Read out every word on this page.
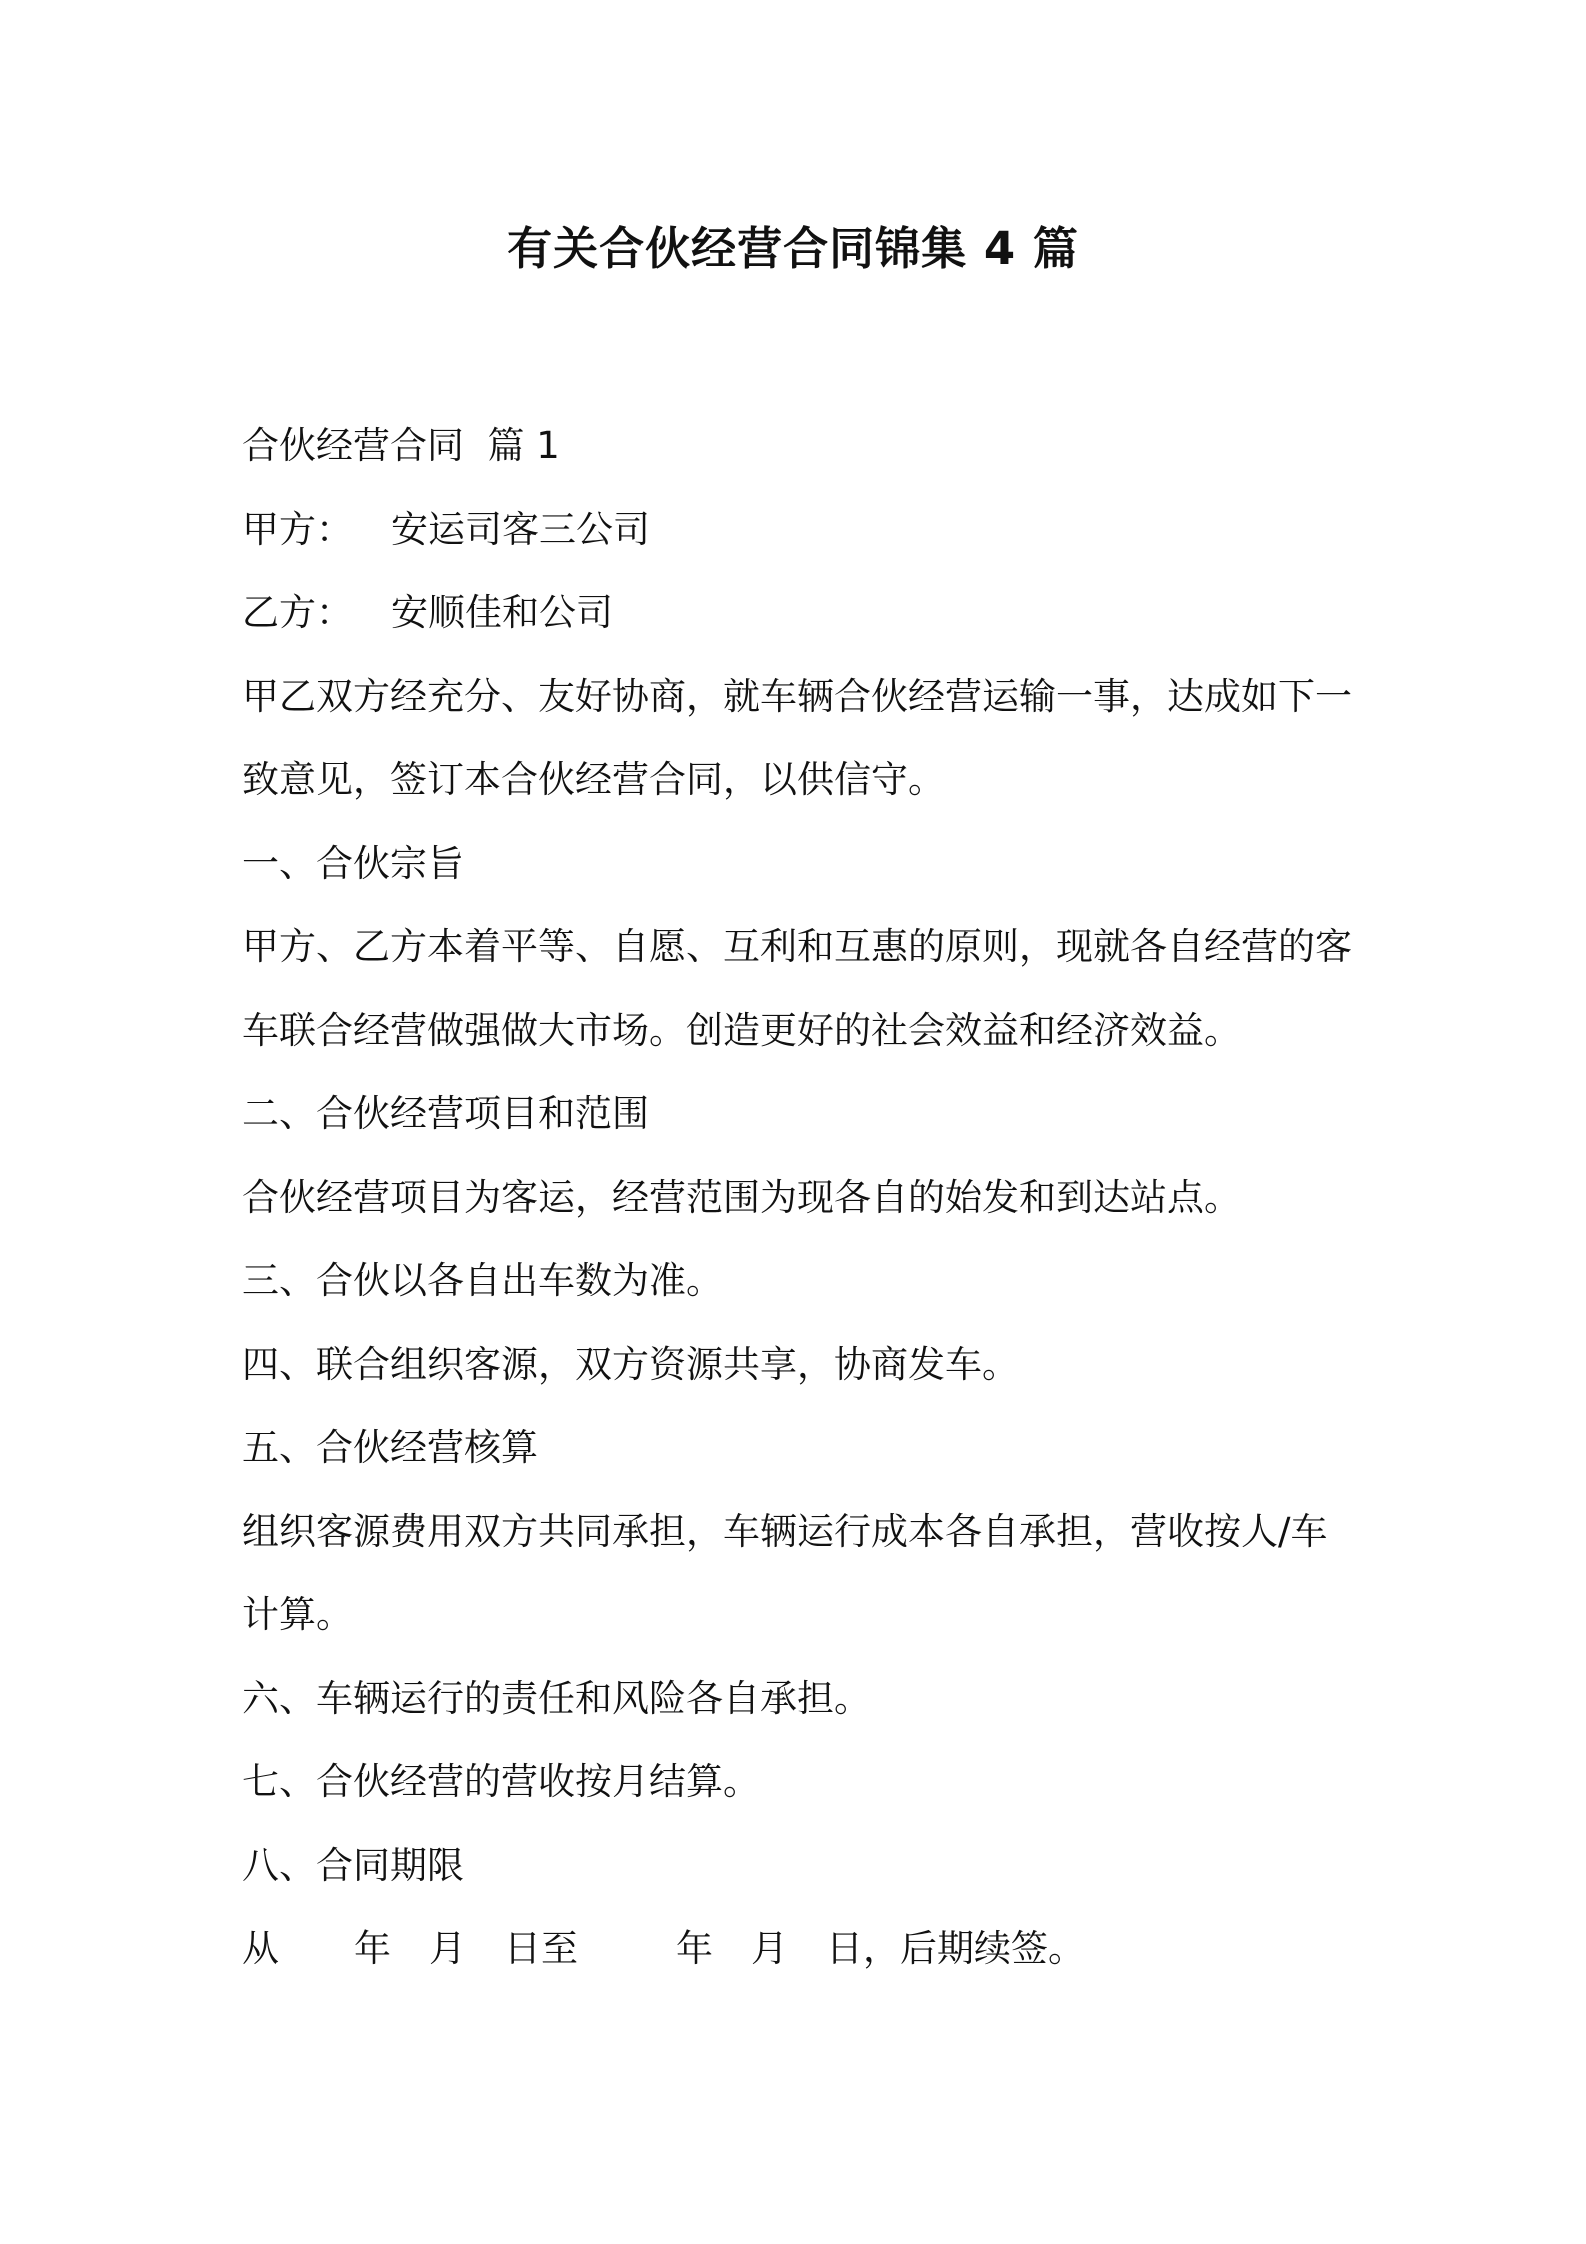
有关合伙经营合同锦集 4 篇

合伙经营合同  篇 1

甲方： 安运司客三公司

乙方： 安顺佳和公司

甲乙双方经充分、友好协商，就车辆合伙经营运输一事，达成如下一致意见，签订本合伙经营合同，以供信守。

一、合伙宗旨

甲方、乙方本着平等、自愿、互利和互惠的原则，现就各自经营的客车联合经营做强做大市场。创造更好的社会效益和经济效益。

二、合伙经营项目和范围

合伙经营项目为客运，经营范围为现各自的始发和到达站点。

三、合伙以各自出车数为准。

四、联合组织客源，双方资源共享，协商发车。

五、合伙经营核算

组织客源费用双方共同承担，车辆运行成本各自承担，营收按人/车计算。

六、车辆运行的责任和风险各自承担。

七、合伙经营的营收按月结算。

八、合同期限

从 年 月 日至	年 月 日，后期续签。
